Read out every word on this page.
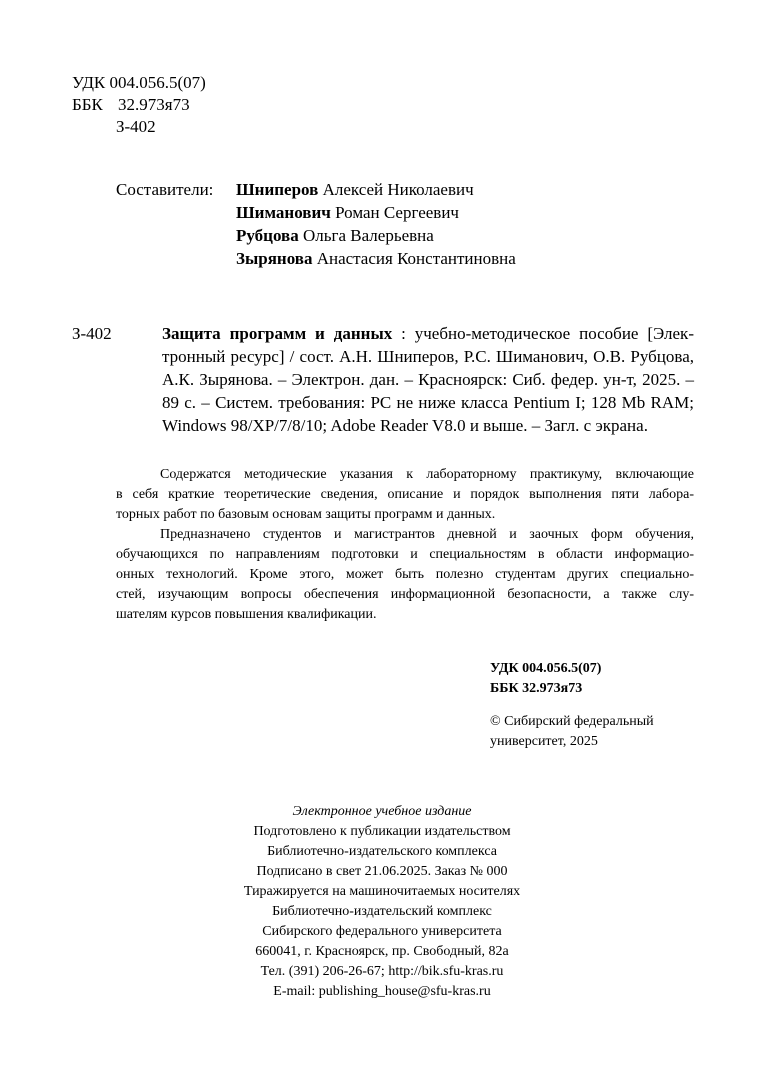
УДК 004.056.5(07)
ББК 32.973я73
З-402
Составители: Шниперов Алексей Николаевич
Шиманович Роман Сергеевич
Рубцова Ольга Валерьевна
Зырянова Анастасия Константиновна
З-402	Защита программ и данных : учебно-методическое пособие [Элек-
тронный ресурс] / сост. А.Н. Шниперов, Р.С. Шиманович, О.В. Рубцова,
А.К. Зырянова. – Электрон. дан. – Красноярск: Сиб. федер. ун-т, 2025. –
89 с. – Систем. требования: PC не ниже класса Pentium I; 128 Mb RAM;
Windows 98/XP/7/8/10; Adobe Reader V8.0 и выше. – Загл. с экрана.
Содержатся методические указания к лабораторному практикуму, включающие
в себя краткие теоретические сведения, описание и порядок выполнения пяти лабора-
торных работ по базовым основам защиты программ и данных.
Предназначено студентов и магистрантов дневной и заочных форм обучения,
обучающихся по направлениям подготовки и специальностям в области информацио-
онных технологий. Кроме этого, может быть полезно студентам других специально-
стей, изучающим вопросы обеспечения информационной безопасности, а также слу-
шателям курсов повышения квалификации.
УДК 004.056.5(07)
ББК 32.973я73
© Сибирский федеральный
университет, 2025
Электронное учебное издание
Подготовлено к публикации издательством
Библиотечно-издательского комплекса
Подписано в свет 21.06.2025. Заказ № 000
Тиражируется на машиночитаемых носителях
Библиотечно-издательский комплекс
Сибирского федерального университета
660041, г. Красноярск, пр. Свободный, 82а
Тел. (391) 206-26-67; http://bik.sfu-kras.ru
E-mail: publishing_house@sfu-kras.ru
